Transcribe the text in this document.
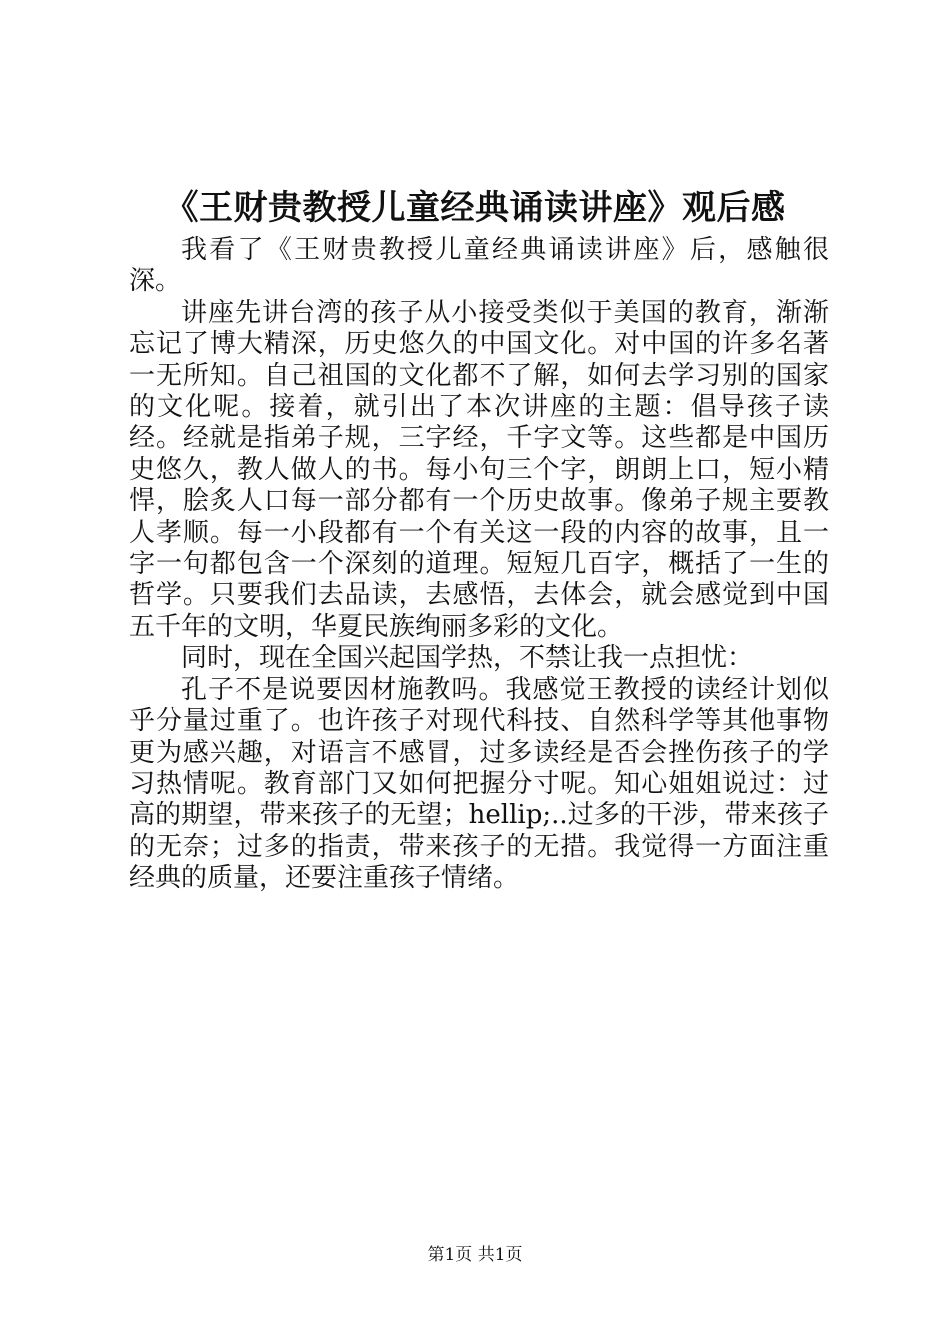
《王财贵教授儿童经典诵读讲座》观后感

我看了《王财贵教授儿童经典诵读讲座》后，感触很深。

讲座先讲台湾的孩子从小接受类似于美国的教育，渐渐忘记了博大精深，历史悠久的中国文化。对中国的许多名著一无所知。自己祖国的文化都不了解，如何去学习别的国家的文化呢。接着，就引出了本次讲座的主题：倡导孩子读经。经就是指弟子规，三字经，千字文等。这些都是中国历史悠久，教人做人的书。每小句三个字，朗朗上口，短小精悍，脍炙人口每一部分都有一个历史故事。像弟子规主要教人孝顺。每一小段都有一个有关这一段的内容的故事，且一字一句都包含一个深刻的道理。短短几百字，概括了一生的哲学。只要我们去品读，去感悟，去体会，就会感觉到中国五千年的文明，华夏民族绚丽多彩的文化。

同时，现在全国兴起国学热，不禁让我一点担忧：

孔子不是说要因材施教吗。我感觉王教授的读经计划似乎分量过重了。也许孩子对现代科技、自然科学等其他事物更为感兴趣，对语言不感冒，过多读经是否会挫伤孩子的学习热情呢。教育部门又如何把握分寸呢。知心姐姐说过：过高的期望，带来孩子的无望；hellip;..过多的干涉，带来孩子的无奈；过多的指责，带来孩子的无措。我觉得一方面注重经典的质量，还要注重孩子情绪。

第1页 共1页
